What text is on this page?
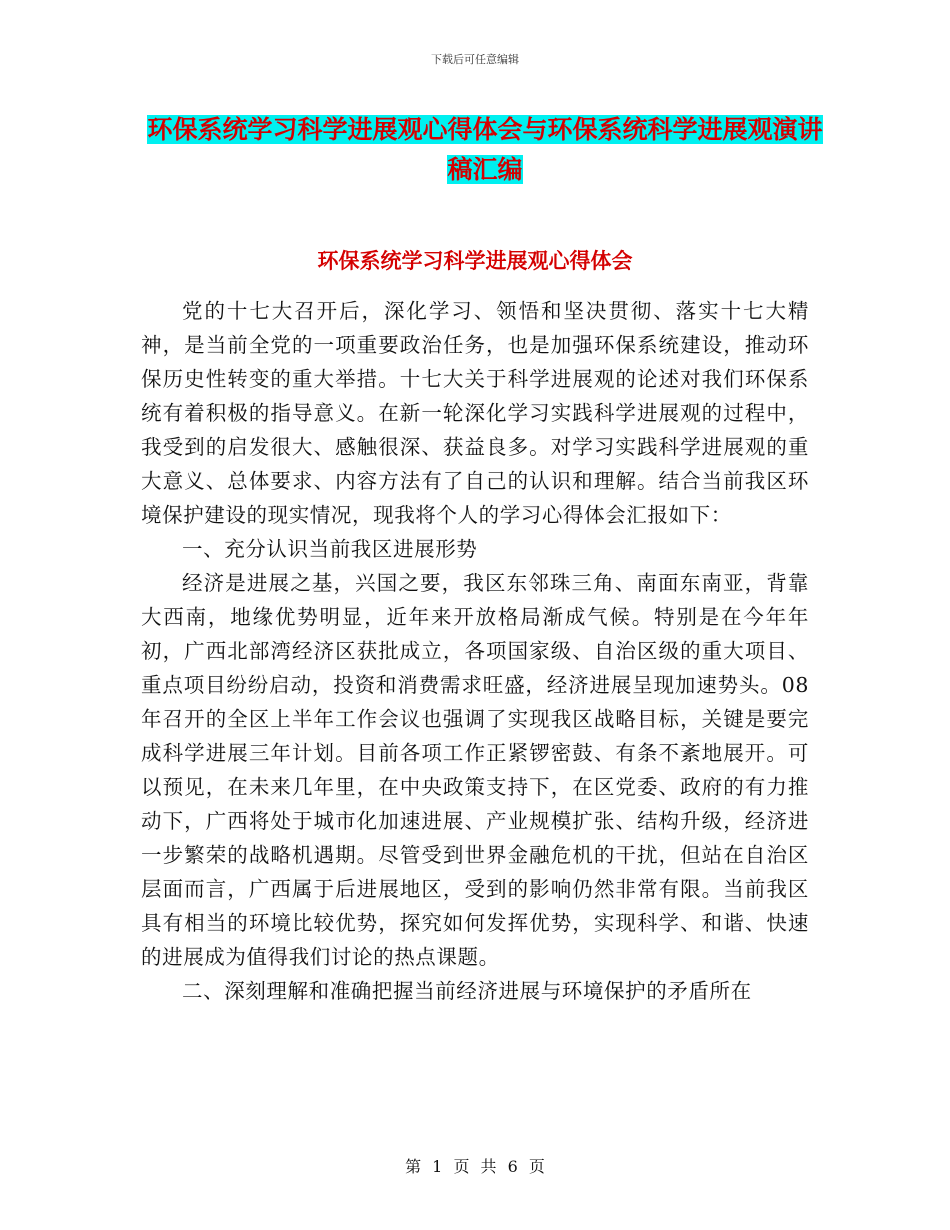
下载后可任意编辑
环保系统学习科学进展观心得体会与环保系统科学进展观演讲稿汇编
环保系统学习科学进展观心得体会

党的十七大召开后，深化学习、领悟和坚决贯彻、落实十七大精神，是当前全党的一项重要政治任务，也是加强环保系统建设，推动环保历史性转变的重大举措。十七大关于科学进展观的论述对我们环保系统有着积极的指导意义。在新一轮深化学习实践科学进展观的过程中，我受到的启发很大、感触很深、获益良多。对学习实践科学进展观的重大意义、总体要求、内容方法有了自己的认识和理解。结合当前我区环境保护建设的现实情况，现我将个人的学习心得体会汇报如下：

一、充分认识当前我区进展形势

经济是进展之基，兴国之要，我区东邻珠三角、南面东南亚，背靠大西南，地缘优势明显，近年来开放格局渐成气候。特别是在今年年初，广西北部湾经济区获批成立，各项国家级、自治区级的重大项目、重点项目纷纷启动，投资和消费需求旺盛，经济进展呈现加速势头。08年召开的全区上半年工作会议也强调了实现我区战略目标，关键是要完成科学进展三年计划。目前各项工作正紧锣密鼓、有条不紊地展开。可以预见，在未来几年里，在中央政策支持下，在区党委、政府的有力推动下，广西将处于城市化加速进展、产业规模扩张、结构升级，经济进一步繁荣的战略机遇期。尽管受到世界金融危机的干扰，但站在自治区层面而言，广西属于后进展地区，受到的影响仍然非常有限。当前我区具有相当的环境比较优势，探究如何发挥优势，实现科学、和谐、快速的进展成为值得我们讨论的热点课题。

二、深刻理解和准确把握当前经济进展与环境保护的矛盾所在

第 1 页 共 6 页
